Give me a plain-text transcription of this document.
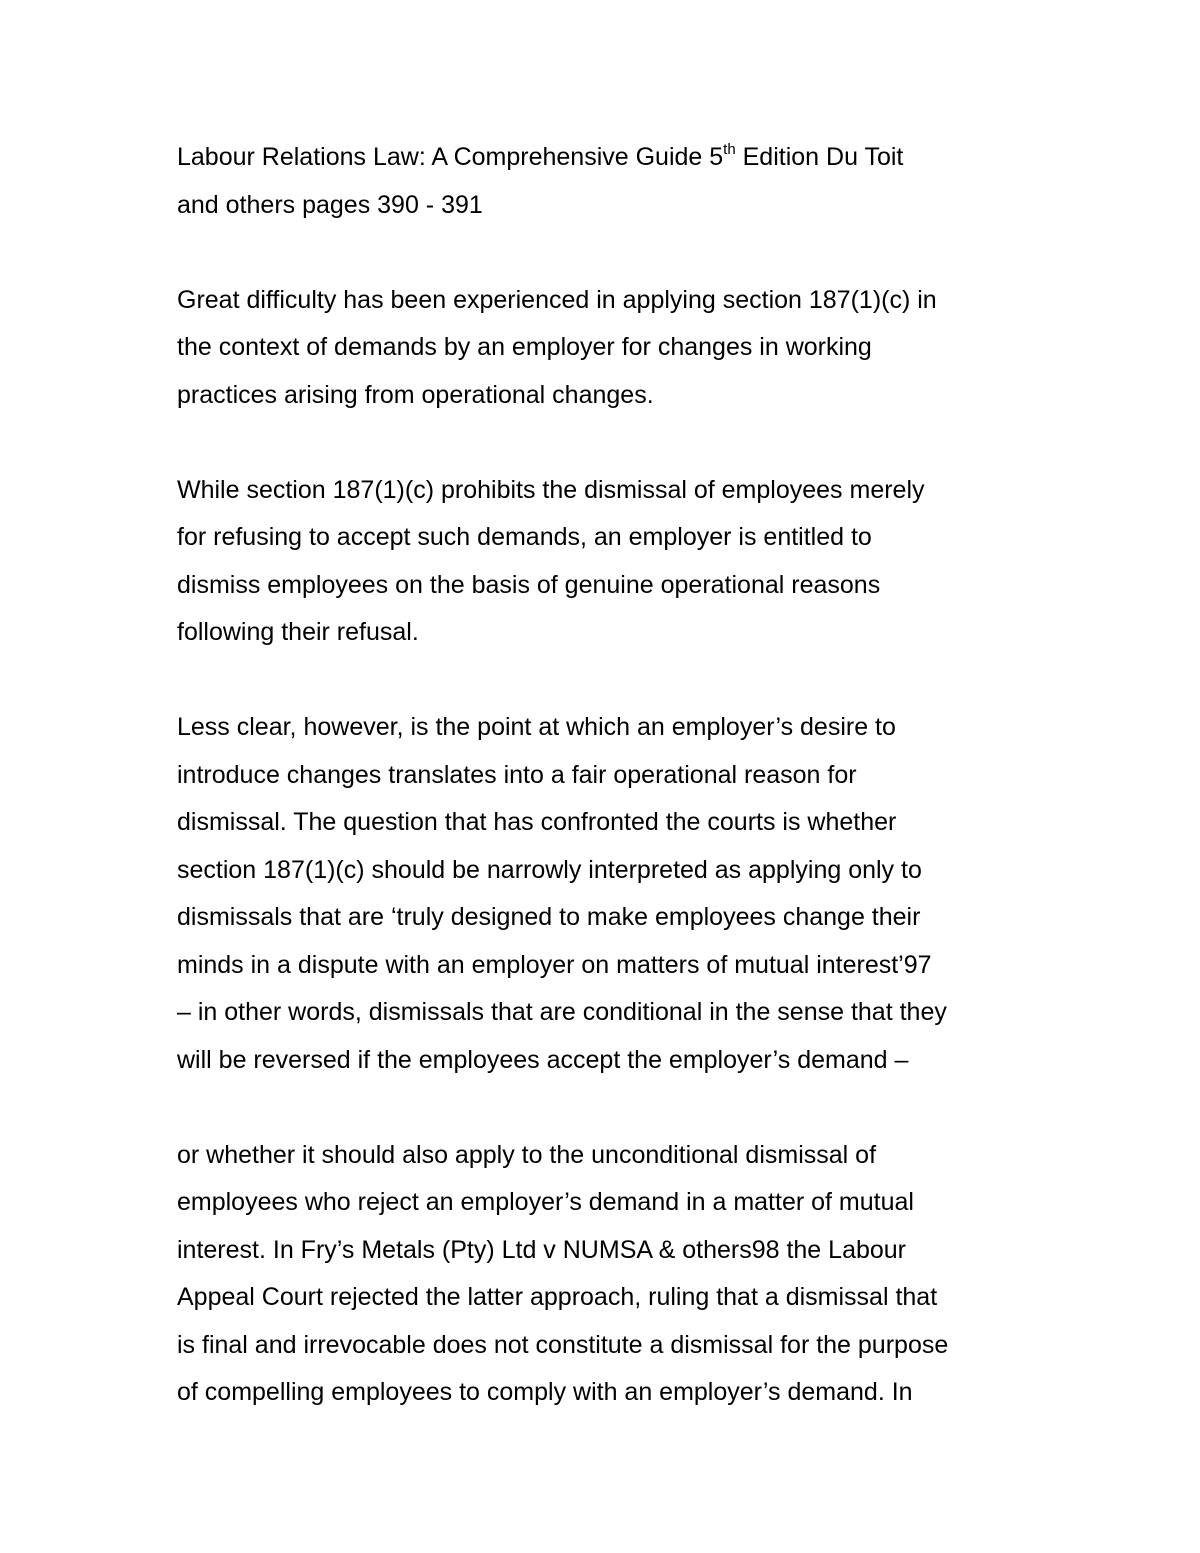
Labour Relations Law: A Comprehensive Guide 5th Edition Du Toit
and others pages 390 - 391

Great difficulty has been experienced in applying section 187(1)(c) in
the context of demands by an employer for changes in working
practices arising from operational changes.

While section 187(1)(c) prohibits the dismissal of employees merely
for refusing to accept such demands, an employer is entitled to
dismiss employees on the basis of genuine operational reasons
following their refusal.

Less clear, however, is the point at which an employer’s desire to
introduce changes translates into a fair operational reason for
dismissal. The question that has confronted the courts is whether
section 187(1)(c) should be narrowly interpreted as applying only to
dismissals that are ‘truly designed to make employees change their
minds in a dispute with an employer on matters of mutual interest’97
– in other words, dismissals that are conditional in the sense that they
will be reversed if the employees accept the employer’s demand –

or whether it should also apply to the unconditional dismissal of
employees who reject an employer’s demand in a matter of mutual
interest. In Fry’s Metals (Pty) Ltd v NUMSA & others98 the Labour
Appeal Court rejected the latter approach, ruling that a dismissal that
is final and irrevocable does not constitute a dismissal for the purpose
of compelling employees to comply with an employer’s demand. In
